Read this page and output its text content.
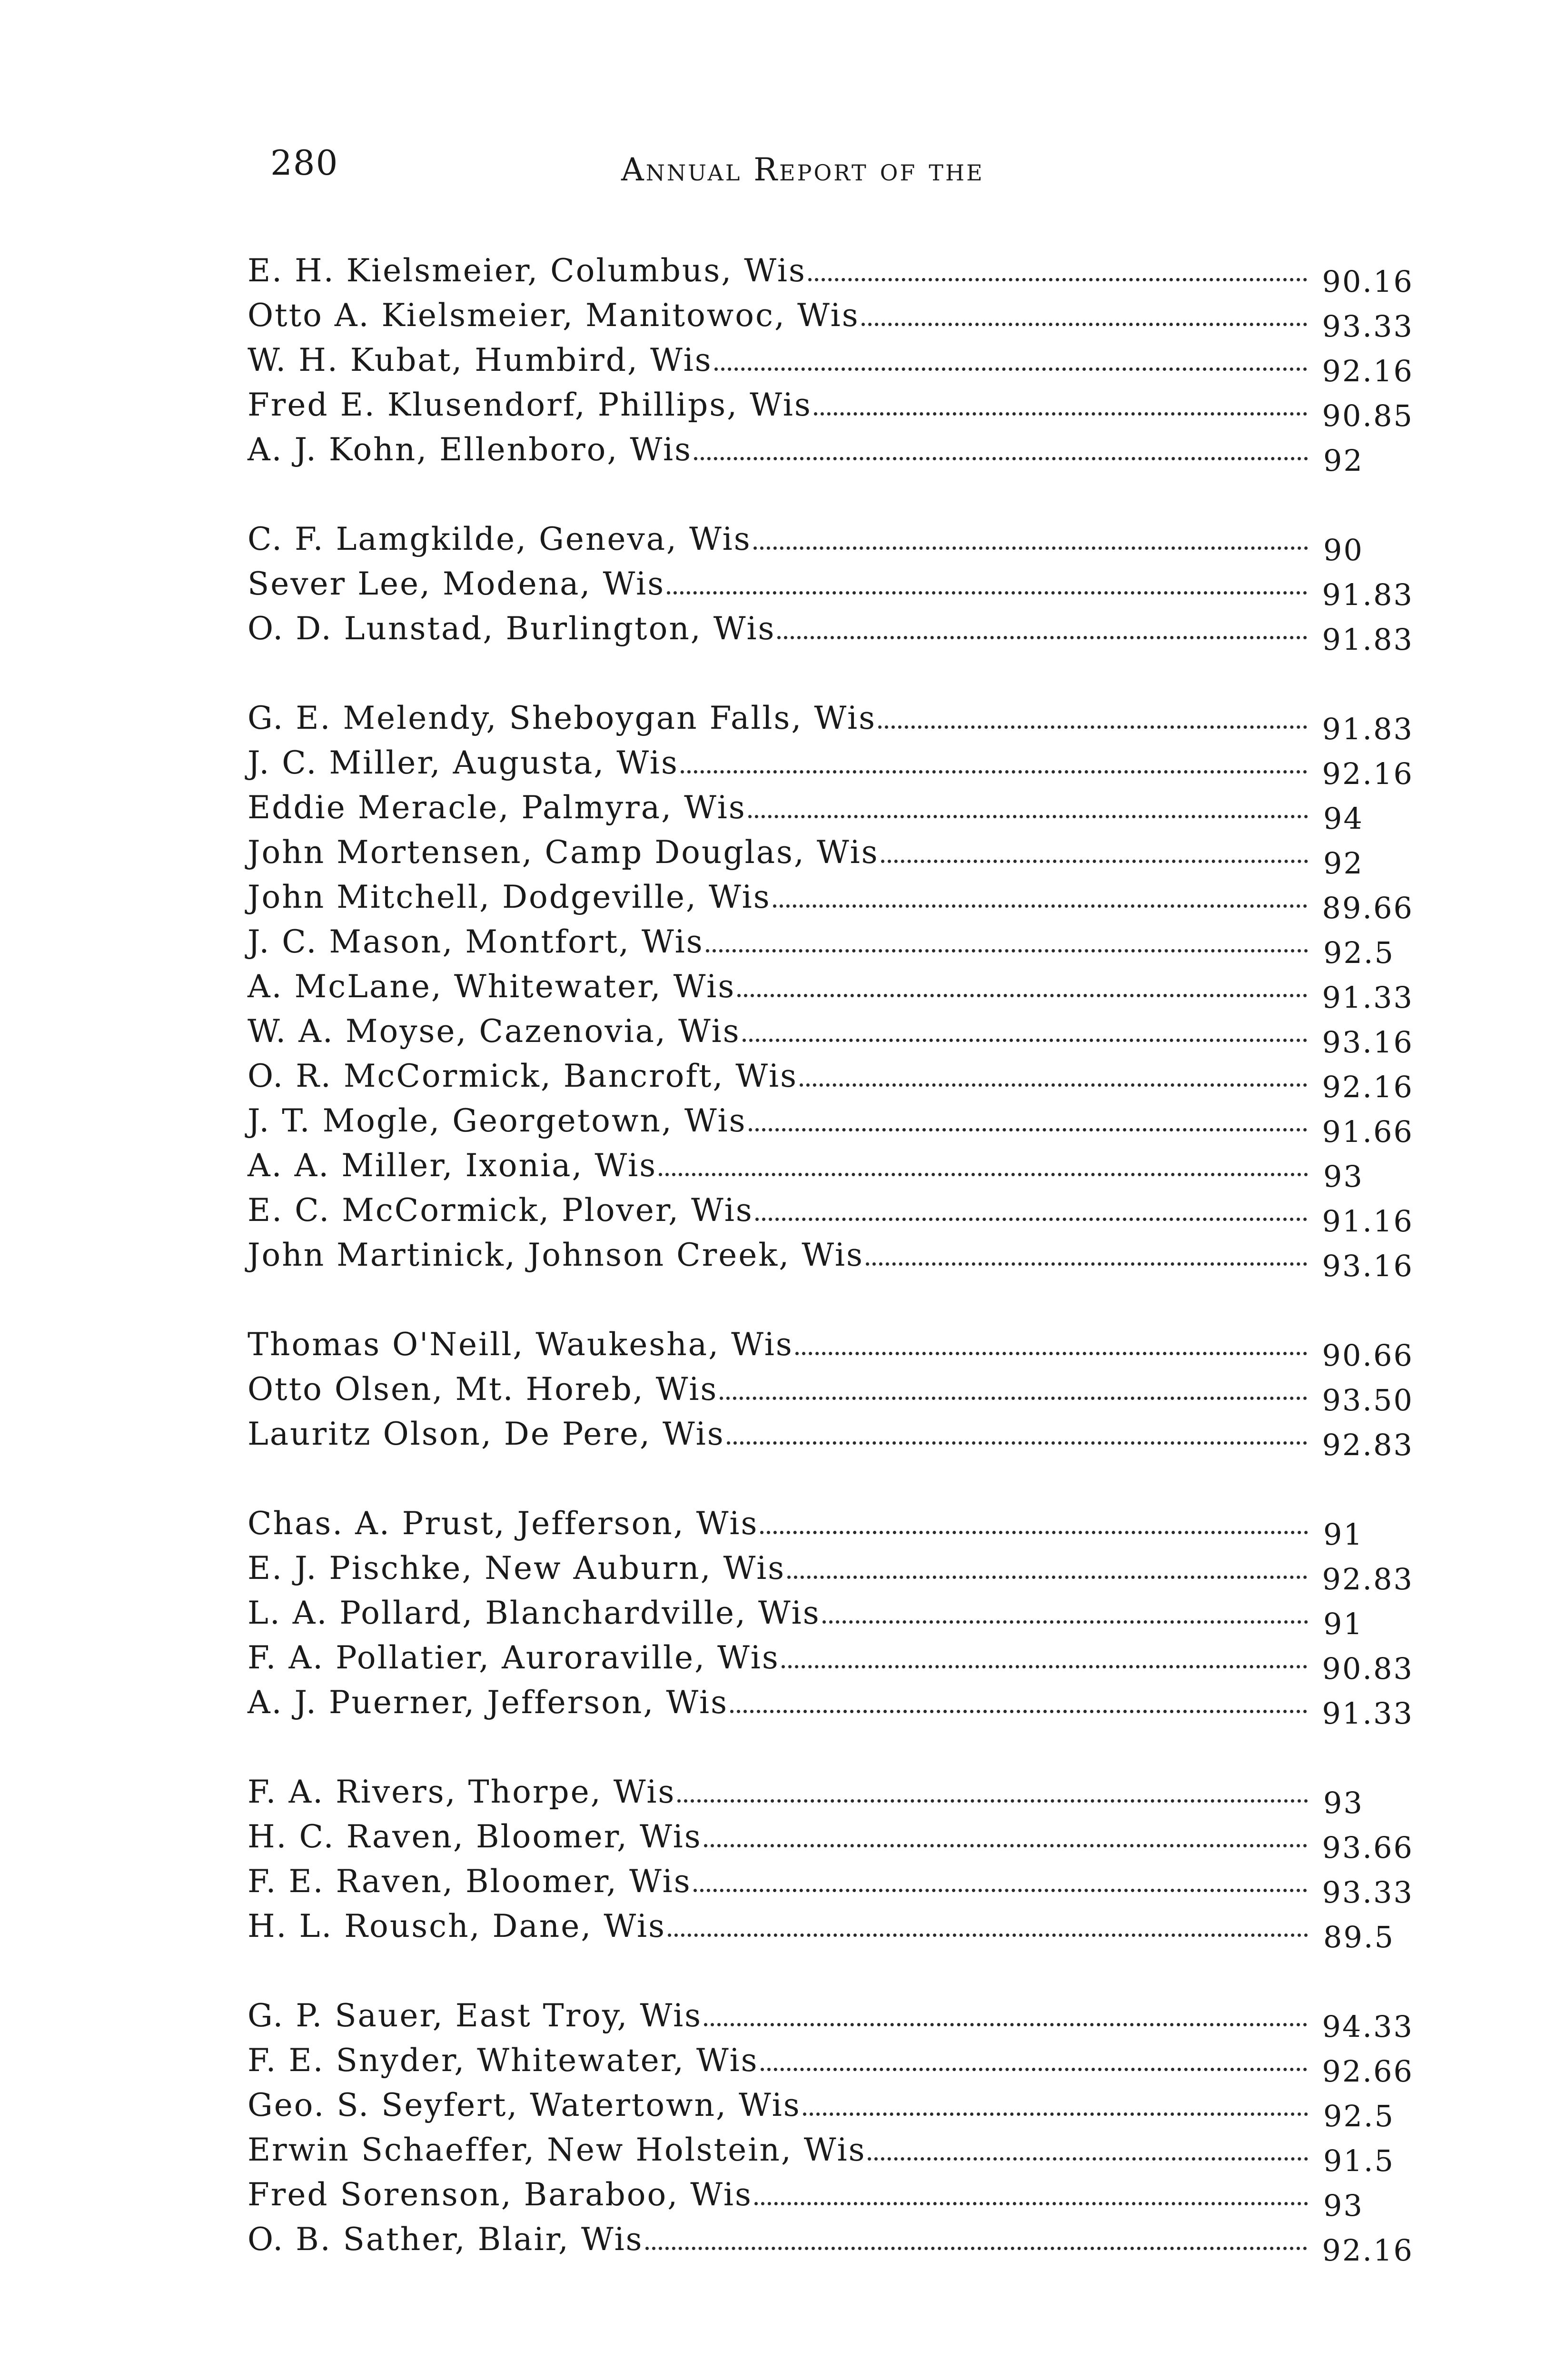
280	Annual Report of the
E. H. Kielsmeier, Columbus, Wis	90.16
Otto A. Kielsmeier, Manitowoc, Wis	93.33
W. H. Kubat, Humbird, Wis	92.16
Fred E. Klusendorf, Phillips, Wis	90.85
A. J. Kohn, Ellenboro, Wis	92
C. F. Lamgkilde, Geneva, Wis	90
Sever Lee, Modena, Wis	91.83
O. D. Lunstad, Burlington, Wis	91.83
G. E. Melendy, Sheboygan Falls, Wis	91.83
J. C. Miller, Augusta, Wis	92.16
Eddie Meracle, Palmyra, Wis	94
John Mortensen, Camp Douglas, Wis	92
John Mitchell, Dodgeville, Wis	89.66
J. C. Mason, Montfort, Wis	92.5
A. McLane, Whitewater, Wis	91.33
W. A. Moyse, Cazenovia, Wis	93.16
O. R. McCormick, Bancroft, Wis	92.16
J. T. Mogle, Georgetown, Wis	91.66
A. A. Miller, Ixonia, Wis	93
E. C. McCormick, Plover, Wis	91.16
John Martinick, Johnson Creek, Wis	93.16
Thomas O'Neill, Waukesha, Wis	90.66
Otto Olsen, Mt. Horeb, Wis	93.50
Lauritz Olson, De Pere, Wis	92.83
Chas. A. Prust, Jefferson, Wis	91
E. J. Pischke, New Auburn, Wis	92.83
L. A. Pollard, Blanchardville, Wis	91
F. A. Pollatier, Auroraville, Wis	90.83
A. J. Puerner, Jefferson, Wis	91.33
F. A. Rivers, Thorpe, Wis	93
H. C. Raven, Bloomer, Wis	93.66
F. E. Raven, Bloomer, Wis	93.33
H. L. Rousch, Dane, Wis	89.5
G. P. Sauer, East Troy, Wis	94.33
F. E. Snyder, Whitewater, Wis	92.66
Geo. S. Seyfert, Watertown, Wis	92.5
Erwin Schaeffer, New Holstein, Wis	91.5
Fred Sorenson, Baraboo, Wis	93
O. B. Sather, Blair, Wis	92.16
